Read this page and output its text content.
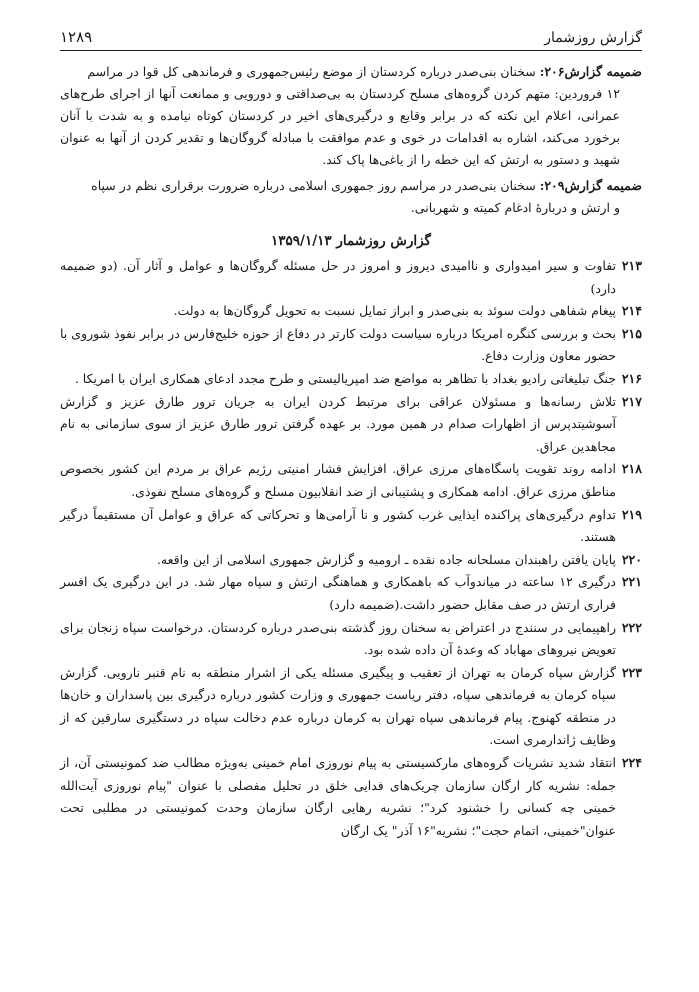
گزارش روزشمار
۱۲۸۹

ضمیمه گزارش۲۰۶: سخنان بنی‌صدر درباره کردستان از موضع رئیس‌جمهوری و فرماندهی کل قوا در مراسم
۱۲ فروردین: متهم کردن گروه‌های مسلح کردستان به بی‌صداقتی و دورویی و ممانعت آنها از اجرای طرح‌های عمرانی، اعلام این نکته که در برابر وقایع و درگیری‌های اخیر در کردستان کوتاه نیامده و به شدت با آنان برخورد می‌کند، اشاره به اقدامات در خوی و عدم موافقت با مبادله گروگان‌ها و تقدیر کردن از آنها به عنوان شهید و دستور به ارتش که این خطه را از یاغی‌ها پاک کند.

ضمیمه گزارش۲۰۹: سخنان بنی‌صدر در مراسم روز جمهوری اسلامی درباره ضرورت برقراری نظم در سپاه
و ارتش و دربارهٔ ادغام کمیته و شهربانی.

گزارش روزشمار ۱۳۵۹/۱/۱۳
۲۱۳
تفاوت و سیر امیدواری و ناامیدی دیروز و امروز در حل مسئله گروگان‌ها و عوامل و آثار آن. (دو ضمیمه دارد)
۲۱۴
پیغام شفاهی دولت سوئد به بنی‌صدر و ابراز تمایل نسبت به تحویل گروگان‌ها به دولت.
۲۱۵
بحث و بررسی کنگره امریکا درباره سیاست دولت کارتر در دفاع از حوزه خلیج‌فارس در برابر نفوذ شوروی با حضور معاون وزارت دفاع.
۲۱۶
جنگ تبلیغاتی رادیو بغداد با تظاهر به مواضع ضد امپریالیستی و طرح مجدد ادعای همکاری ایران با امریکا .
۲۱۷
تلاش رسانه‌ها و مسئولان عراقی برای مرتبط کردن ایران به جریان ترور طارق عزیز و گزارش آسوشیتدپرس از اظهارات صدام در همین مورد. بر عهده گرفتن ترور طارق عزیز از سوی سازمانی به نام مجاهدین عراق.
۲۱۸
ادامه روند تقویت پاسگاه‌های مرزی عراق. افزایش فشار امنیتی رژیم عراق بر مردم این کشور بخصوص مناطق مرزی عراق. ادامه همکاری و پشتیبانی از ضد انقلابیون مسلح و گروه‌های مسلح نفوذی.
۲۱۹
تداوم درگیری‌های پراکنده ایذایی غرب کشور و نا آرامی‌ها و تحرکاتی که عراق و عوامل آن مستقیماً درگیر هستند.
۲۲۰
پایان یافتن راهبندان مسلحانه جاده نقده ـ ارومیه و گزارش جمهوری اسلامی از این واقعه.
۲۲۱
درگیری ۱۲ ساعته در میاندوآب که باهمکاری و هماهنگی ارتش و سپاه مهار شد. در این درگیری یک افسر فراری ارتش در صف مقابل حضور داشت.(ضمیمه دارد)
۲۲۲
راهپیمایی در سنندج در اعتراض به سخنان روز گذشته بنی‌صدر درباره کردستان. درخواست سپاه زنجان برای تعویض نیروهای مهاباد که وعدهٔ آن داده شده بود.
۲۲۳
گزارش سپاه کرمان به تهران از تعقیب و پیگیری مسئله یکی از اشرار منطقه به نام قنبر نارویی. گزارش سپاه کرمان به فرماندهی سپاه، دفتر ریاست جمهوری و وزارت کشور درباره درگیری بین پاسداران و خان‌ها در منطقه کهنوج. پیام فرماندهی سپاه تهران به کرمان درباره عدم دخالت سپاه در دستگیری سارقین که از وظایف ژاندارمری است.
۲۲۴
انتقاد شدید نشریات گروه‌های مارکسیستی به پیام نوروزی امام خمینی به‌ویژه مطالب ضد کمونیستی آن، از جمله: نشریه کار ارگان سازمان چریک‌های فدایی خلق در تحلیل مفصلی با عنوان "پیام نوروزی آیت‌الله خمینی چه کسانی را خشنود کرد"؛ نشریه رهایی ارگان سازمان وحدت کمونیستی در مطلبی تحت عنوان"خمینی، اتمام حجت"؛ نشریه"۱۶ آذر" یک ارگان
